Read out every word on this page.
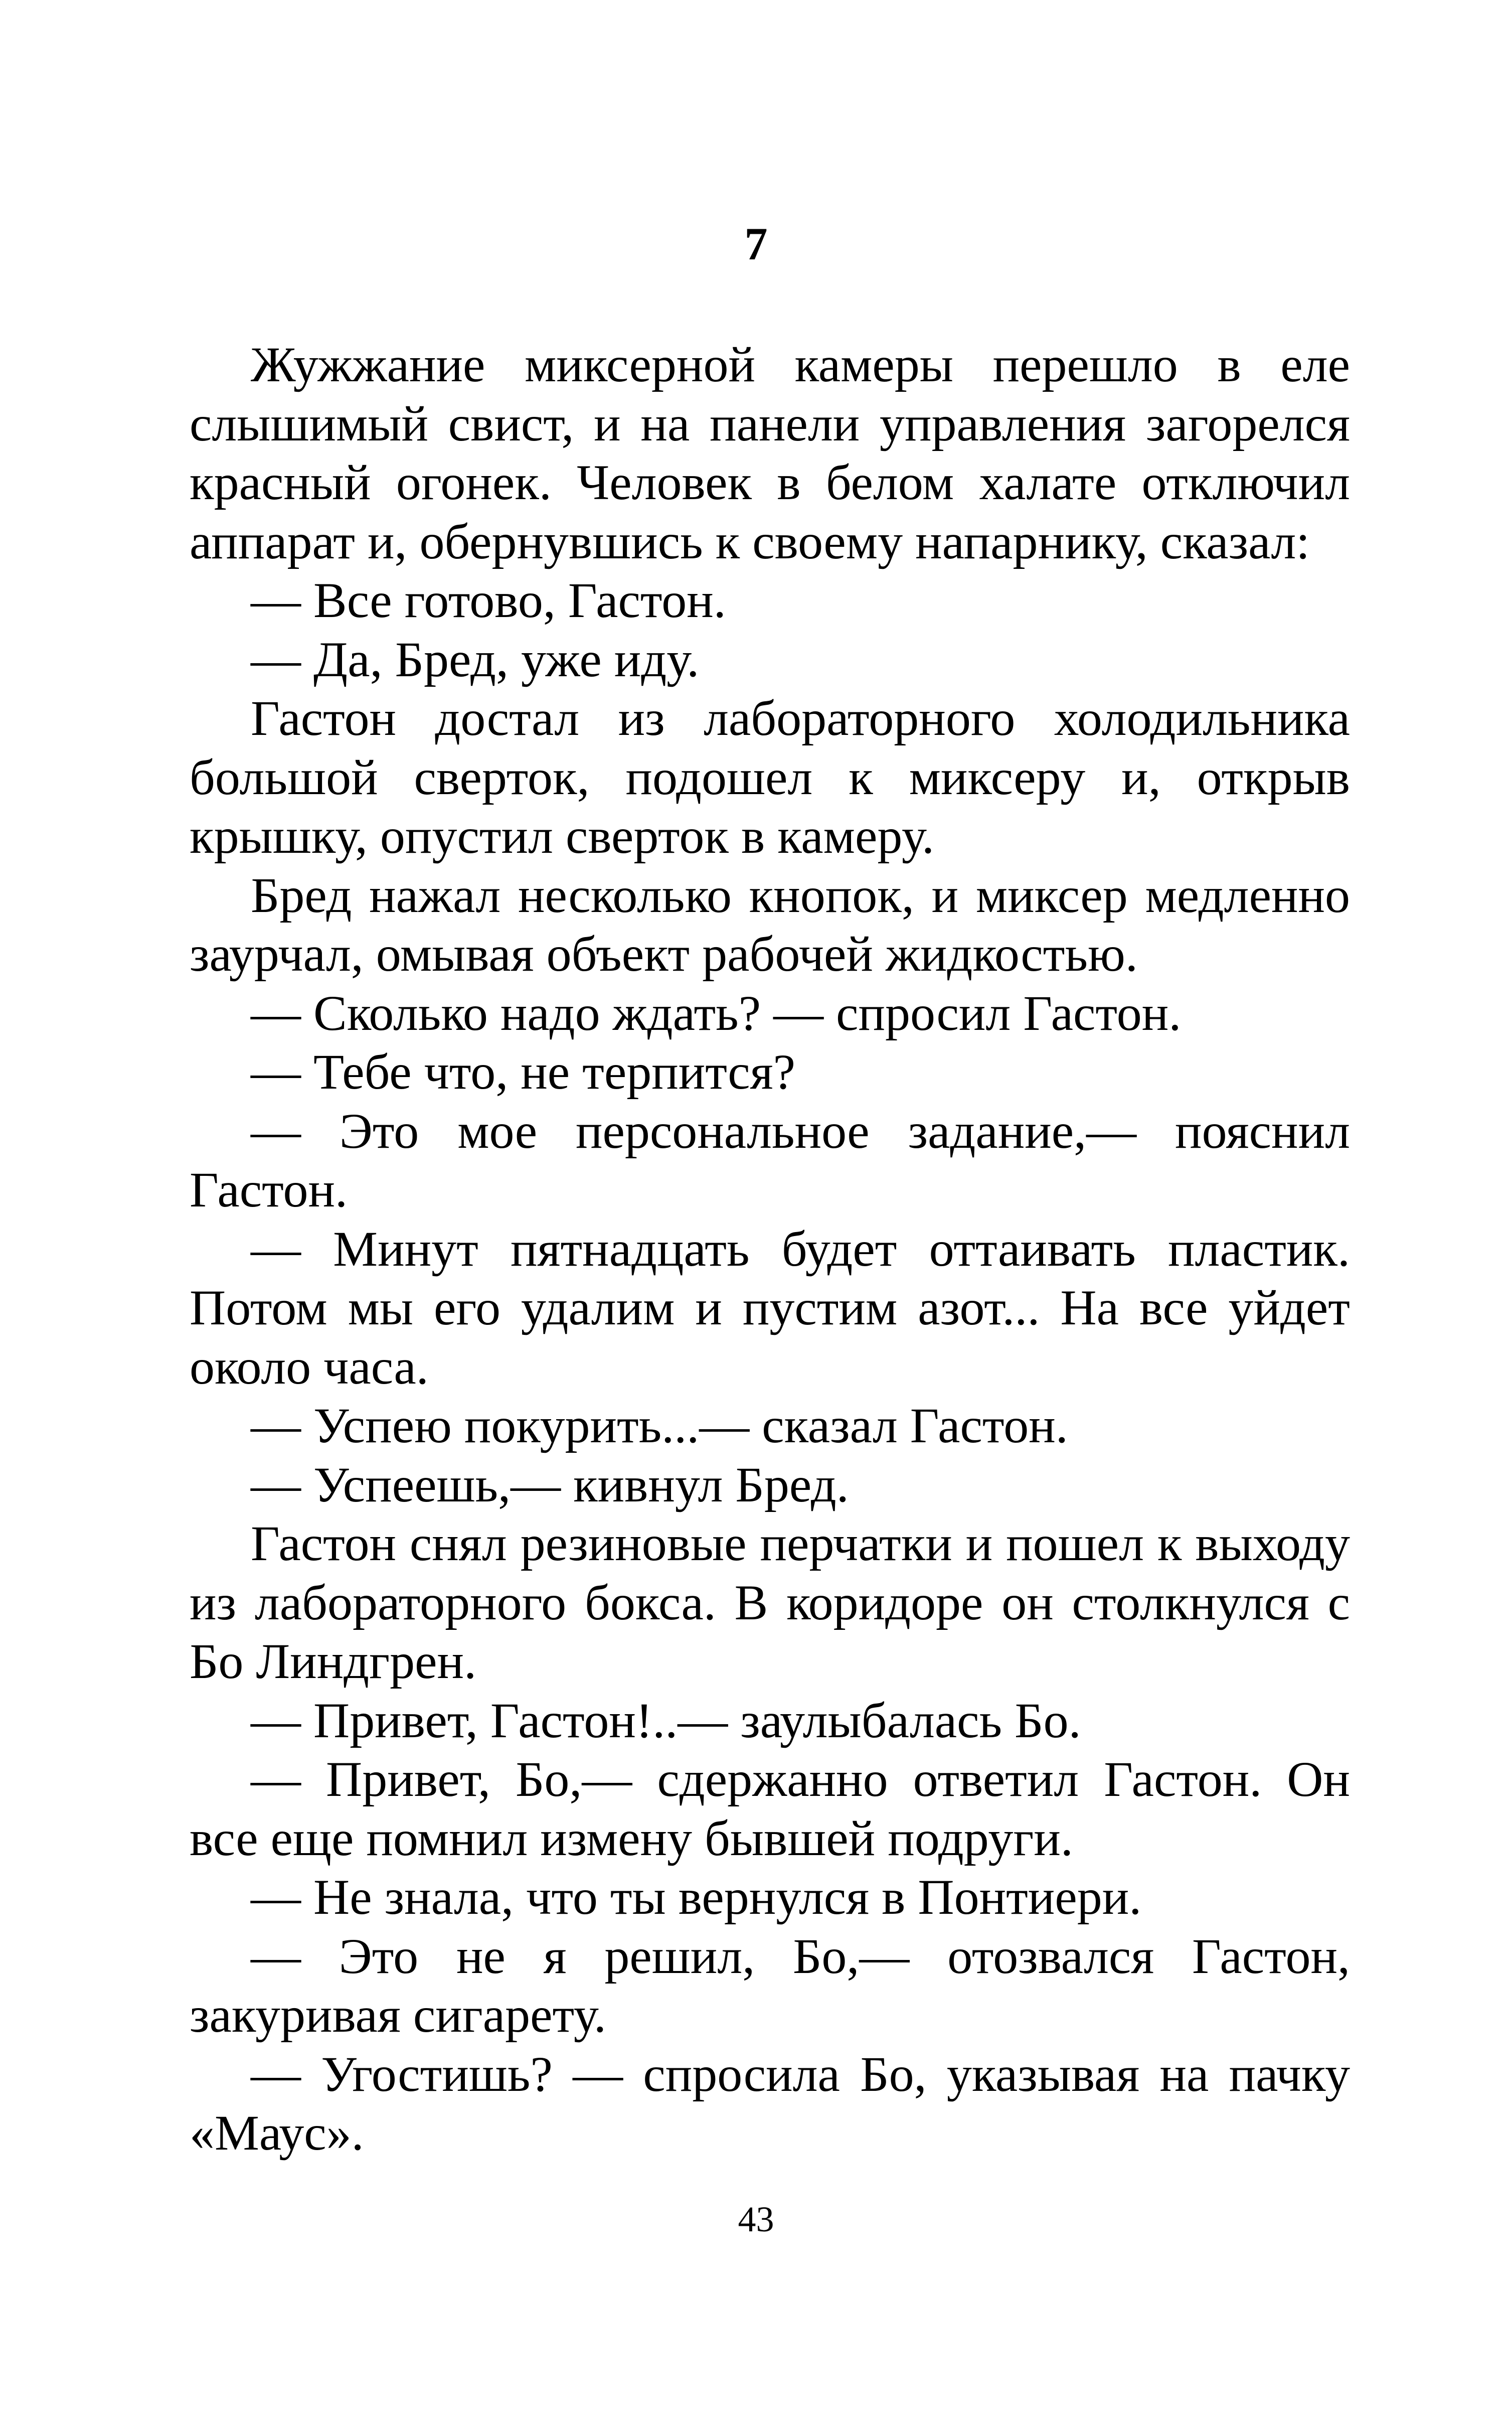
7

Жужжание миксерной камеры перешло в еле слышимый свист, и на панели управления загорелся красный огонек. Человек в белом халате отключил аппарат и, обернувшись к своему напарнику, сказал:

— Все готово, Гастон.

— Да, Бред, уже иду.

Гастон достал из лабораторного холодильника большой сверток, подошел к миксеру и, открыв крышку, опустил сверток в камеру.

Бред нажал несколько кнопок, и миксер медленно заурчал, омывая объект рабочей жидкостью.

— Сколько надо ждать? — спросил Гастон.

— Тебе что, не терпится?

— Это мое персональное задание,— пояснил Гастон.

— Минут пятнадцать будет оттаивать пластик. Потом мы его удалим и пустим азот... На все уйдет около часа.

— Успею покурить...— сказал Гастон.

— Успеешь,— кивнул Бред.

Гастон снял резиновые перчатки и пошел к выходу из лабораторного бокса. В коридоре он столкнулся с Бо Линдгрен.

— Привет, Гастон!..— заулыбалась Бо.

— Привет, Бо,— сдержанно ответил Гастон. Он все еще помнил измену бывшей подруги.

— Не знала, что ты вернулся в Понтиери.

— Это не я решил, Бо,— отозвался Гастон, закуривая сигарету.

— Угостишь? — спросила Бо, указывая на пачку «Маус».

43
